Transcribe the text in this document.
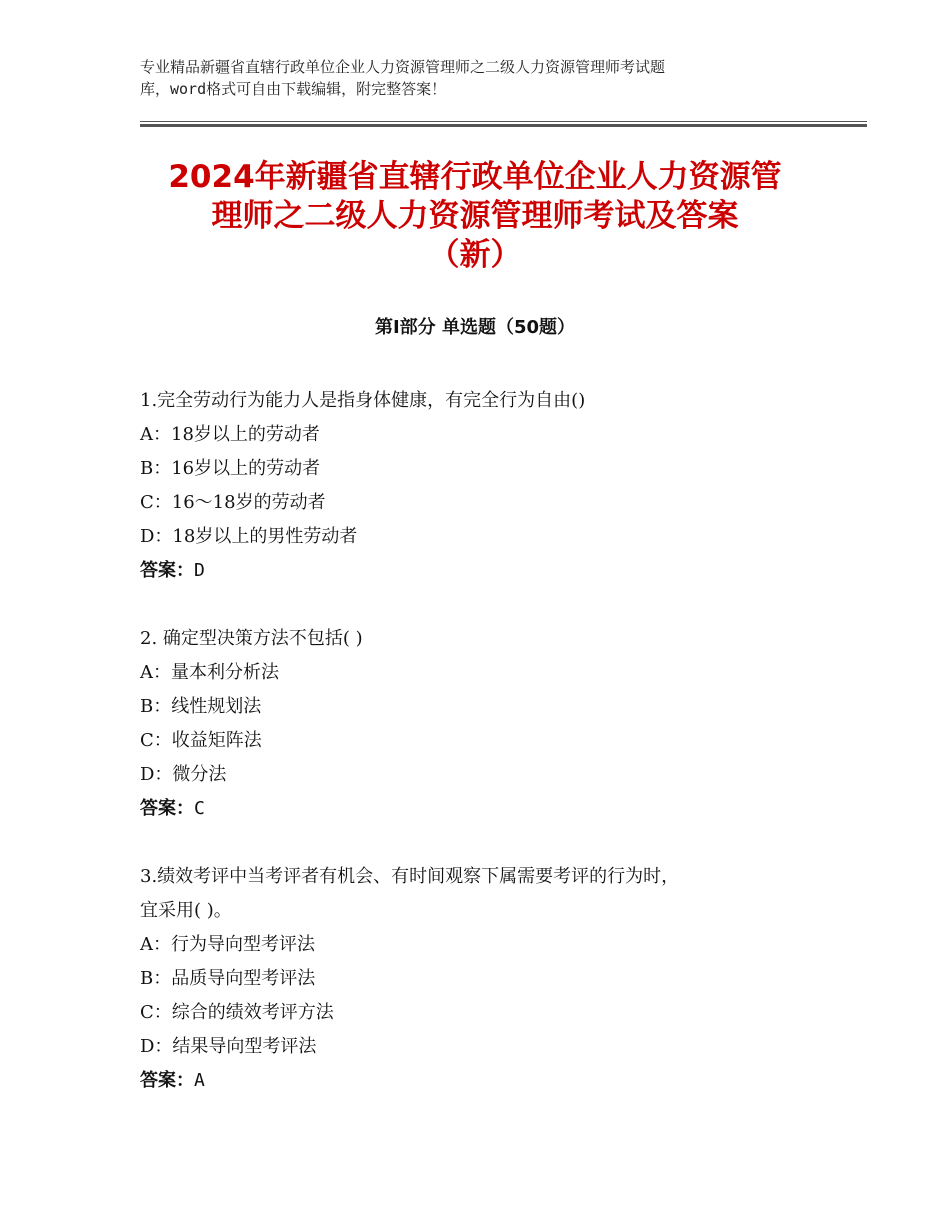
专业精品新疆省直辖行政单位企业人力资源管理师之二级人力资源管理师考试题
库，word格式可自由下载编辑，附完整答案！
2024年新疆省直辖行政单位企业人力资源管
理师之二级人力资源管理师考试及答案
（新）
第Ⅰ部分 单选题（50题）
1.完全劳动行为能力人是指身体健康，有完全行为自由()
A：18岁以上的劳动者
B：16岁以上的劳动者
C：16～18岁的劳动者
D：18岁以上的男性劳动者
答案：D
2. 确定型决策方法不包括( )
A：量本利分析法
B：线性规划法
C：收益矩阵法
D：微分法
答案：C
3.绩效考评中当考评者有机会、有时间观察下属需要考评的行为时，
宜采用( )。
A：行为导向型考评法
B：品质导向型考评法
C：综合的绩效考评方法
D：结果导向型考评法
答案：A
